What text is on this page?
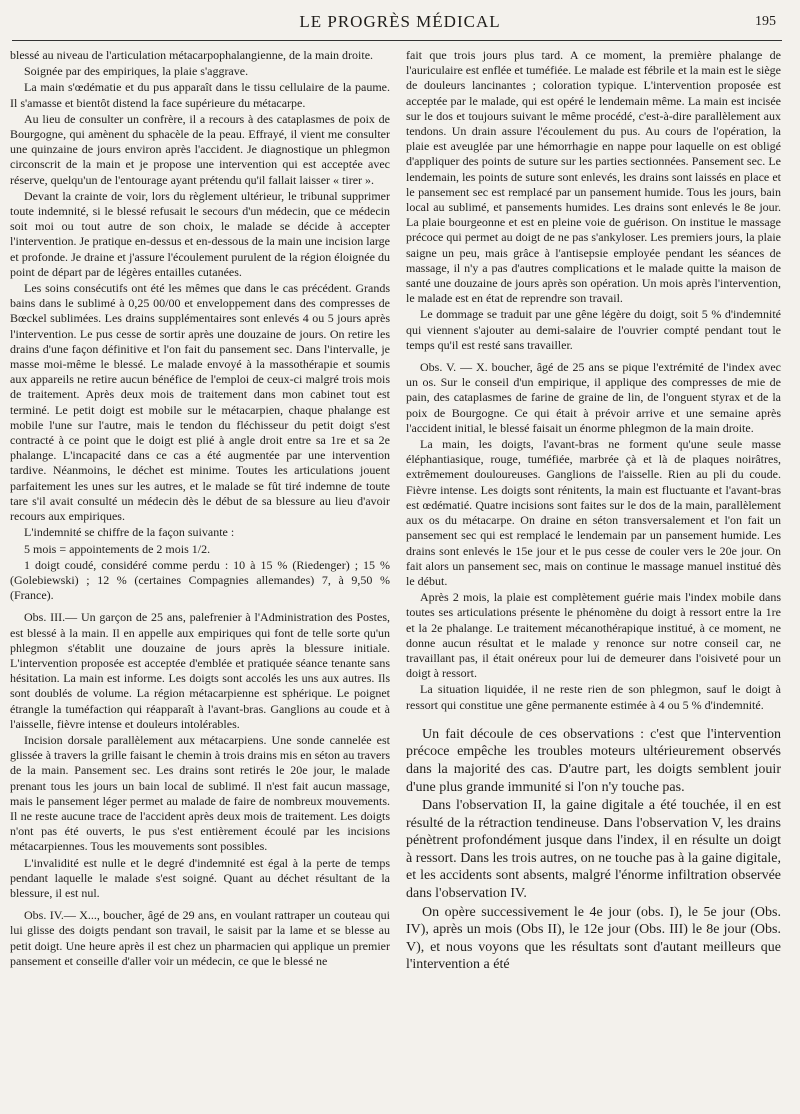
LE PROGRÈS MÉDICAL	195

blessé au niveau de l'articulation métacarpophalangienne, de la main droite.

Soignée par des empiriques, la plaie s'aggrave.

La main s'œdématie et du pus apparaît dans le tissu cellulaire de la paume. Il s'amasse et bientôt distend la face supérieure du métacarpe.

Au lieu de consulter un confrère, il a recours à des cataplasmes de poix de Bourgogne, qui amènent du sphacèle de la peau. Effrayé, il vient me consulter une quinzaine de jours environ après l'accident. Je diagnostique un phlegmon circonscrit de la main et je propose une intervention qui est acceptée avec réserve, quelqu'un de l'entourage ayant prétendu qu'il fallait laisser « tirer ».

Devant la crainte de voir, lors du règlement ultérieur, le tribunal supprimer toute indemnité, si le blessé refusait le secours d'un médecin, que ce médecin soit moi ou tout autre de son choix, le malade se décide à accepter l'intervention. Je pratique en-dessus et en-dessous de la main une incision large et profonde. Je draine et j'assure l'écoulement purulent de la région éloignée du point de départ par de légères entailles cutanées.

Les soins consécutifs ont été les mêmes que dans le cas précédent. Grands bains dans le sublimé à 0,25 00/00 et enveloppement dans des compresses de Bœckel sublimées. Les drains supplémentaires sont enlevés 4 ou 5 jours après l'intervention. Le pus cesse de sortir après une douzaine de jours. On retire les drains d'une façon définitive et l'on fait du pansement sec. Dans l'intervalle, je masse moi-même le blessé. Le malade envoyé à la massothérapie et soumis aux appareils ne retire aucun bénéfice de l'emploi de ceux-ci malgré trois mois de traitement. Après deux mois de traitement dans mon cabinet tout est terminé. Le petit doigt est mobile sur le métacarpien, chaque phalange est mobile l'une sur l'autre, mais le tendon du fléchisseur du petit doigt s'est contracté à ce point que le doigt est plié à angle droit entre sa 1re et sa 2e phalange. L'incapacité dans ce cas a été augmentée par une intervention tardive. Néanmoins, le déchet est minime. Toutes les articulations jouent parfaitement les unes sur les autres, et le malade se fût tiré indemne de toute tare s'il avait consulté un médecin dès le début de sa blessure au lieu d'avoir recours aux empiriques.

L'indemnité se chiffre de la façon suivante :

5 mois = appointements de 2 mois 1/2.

1 doigt coudé, considéré comme perdu : 10 à 15 % (Riedenger) ; 15 % (Golebiewski) ; 12 % (certaines Compagnies allemandes) 7, à 9,50 % (France).

Obs. III.— Un garçon de 25 ans, palefrenier à l'Administration des Postes, est blessé à la main. Il en appelle aux empiriques qui font de telle sorte qu'un phlegmon s'établit une douzaine de jours après la blessure initiale. L'intervention proposée est acceptée d'emblée et pratiquée séance tenante sans hésitation. La main est informe. Les doigts sont accolés les uns aux autres. Ils sont doublés de volume. La région métacarpienne est sphérique. Le poignet étrangle la tuméfaction qui réapparaît à l'avant-bras. Ganglions au coude et à l'aisselle, fièvre intense et douleurs intolérables.

Incision dorsale parallèlement aux métacarpiens. Une sonde cannelée est glissée à travers la grille faisant le chemin à trois drains mis en séton au travers de la main. Pansement sec. Les drains sont retirés le 20e jour, le malade prenant tous les jours un bain local de sublimé. Il n'est fait aucun massage, mais le pansement léger permet au malade de faire de nombreux mouvements. Il ne reste aucune trace de l'accident après deux mois de traitement. Les doigts n'ont pas été ouverts, le pus s'est entièrement écoulé par les incisions métacarpiennes. Tous les mouvements sont possibles.

L'invalidité est nulle et le degré d'indemnité est égal à la perte de temps pendant laquelle le malade s'est soigné. Quant au déchet résultant de la blessure, il est nul.

Obs. IV.— X..., boucher, âgé de 29 ans, en voulant rattraper un couteau qui lui glisse des doigts pendant son travail, le saisit par la lame et se blesse au petit doigt. Une heure après il est chez un pharmacien qui applique un premier pansement et conseille d'aller voir un médecin, ce que le blessé ne

fait que trois jours plus tard. A ce moment, la première phalange de l'auriculaire est enflée et tuméfiée. Le malade est fébrile et la main est le siège de douleurs lancinantes ; coloration typique. L'intervention proposée est acceptée par le malade, qui est opéré le lendemain même. La main est incisée sur le dos et toujours suivant le même procédé, c'est-à-dire parallèlement aux tendons. Un drain assure l'écoulement du pus. Au cours de l'opération, la plaie est aveuglée par une hémorrhagie en nappe pour laquelle on est obligé d'appliquer des points de suture sur les parties sectionnées. Pansement sec. Le lendemain, les points de suture sont enlevés, les drains sont laissés en place et le pansement sec est remplacé par un pansement humide. Tous les jours, bain local au sublimé, et pansements humides. Les drains sont enlevés le 8e jour. La plaie bourgeonne et est en pleine voie de guérison. On institue le massage précoce qui permet au doigt de ne pas s'ankyloser. Les premiers jours, la plaie saigne un peu, mais grâce à l'antisepsie employée pendant les séances de massage, il n'y a pas d'autres complications et le malade quitte la maison de santé une douzaine de jours après son opération. Un mois après l'intervention, le malade est en état de reprendre son travail.

Le dommage se traduit par une gêne légère du doigt, soit 5 % d'indemnité qui viennent s'ajouter au demi-salaire de l'ouvrier compté pendant tout le temps qu'il est resté sans travailler.

Obs. V. — X. boucher, âgé de 25 ans se pique l'extrémité de l'index avec un os. Sur le conseil d'un empirique, il applique des compresses de mie de pain, des cataplasmes de farine de graine de lin, de l'onguent styrax et de la poix de Bourgogne. Ce qui était à prévoir arrive et une semaine après l'accident initial, le blessé faisait un énorme phlegmon de la main droite.

La main, les doigts, l'avant-bras ne forment qu'une seule masse éléphantiasique, rouge, tuméfiée, marbrée çà et là de plaques noirâtres, extrêmement douloureuses. Ganglions de l'aisselle. Rien au pli du coude. Fièvre intense. Les doigts sont rénitents, la main est fluctuante et l'avant-bras est œdématié. Quatre incisions sont faites sur le dos de la main, parallèlement aux os du métacarpe. On draine en séton transversalement et l'on fait un pansement sec qui est remplacé le lendemain par un pansement humide. Les drains sont enlevés le 15e jour et le pus cesse de couler vers le 20e jour. On fait alors un pansement sec, mais on continue le massage manuel institué dès le début.

Après 2 mois, la plaie est complètement guérie mais l'index mobile dans toutes ses articulations présente le phénomène du doigt à ressort entre la 1re et la 2e phalange. Le traitement mécanothérapique institué, à ce moment, ne donne aucun résultat et le malade y renonce sur notre conseil car, ne travaillant pas, il était onéreux pour lui de demeurer dans l'oisiveté pour un doigt à ressort.

La situation liquidée, il ne reste rien de son phlegmon, sauf le doigt à ressort qui constitue une gêne permanente estimée à 4 ou 5 % d'indemnité.

Un fait découle de ces observations : c'est que l'intervention précoce empêche les troubles moteurs ultérieurement observés dans la majorité des cas. D'autre part, les doigts semblent jouir d'une plus grande immunité si l'on n'y touche pas.

Dans l'observation II, la gaine digitale a été touchée, il en est résulté de la rétraction tendineuse. Dans l'observation V, les drains pénètrent profondément jusque dans l'index, il en résulte un doigt à ressort. Dans les trois autres, on ne touche pas à la gaine digitale, et les accidents sont absents, malgré l'énorme infiltration observée dans l'observation IV.

On opère successivement le 4e jour (obs. I), le 5e jour (Obs. IV), après un mois (Obs II), le 12e jour (Obs. III) le 8e jour (Obs. V), et nous voyons que les résultats sont d'autant meilleurs que l'intervention a été
